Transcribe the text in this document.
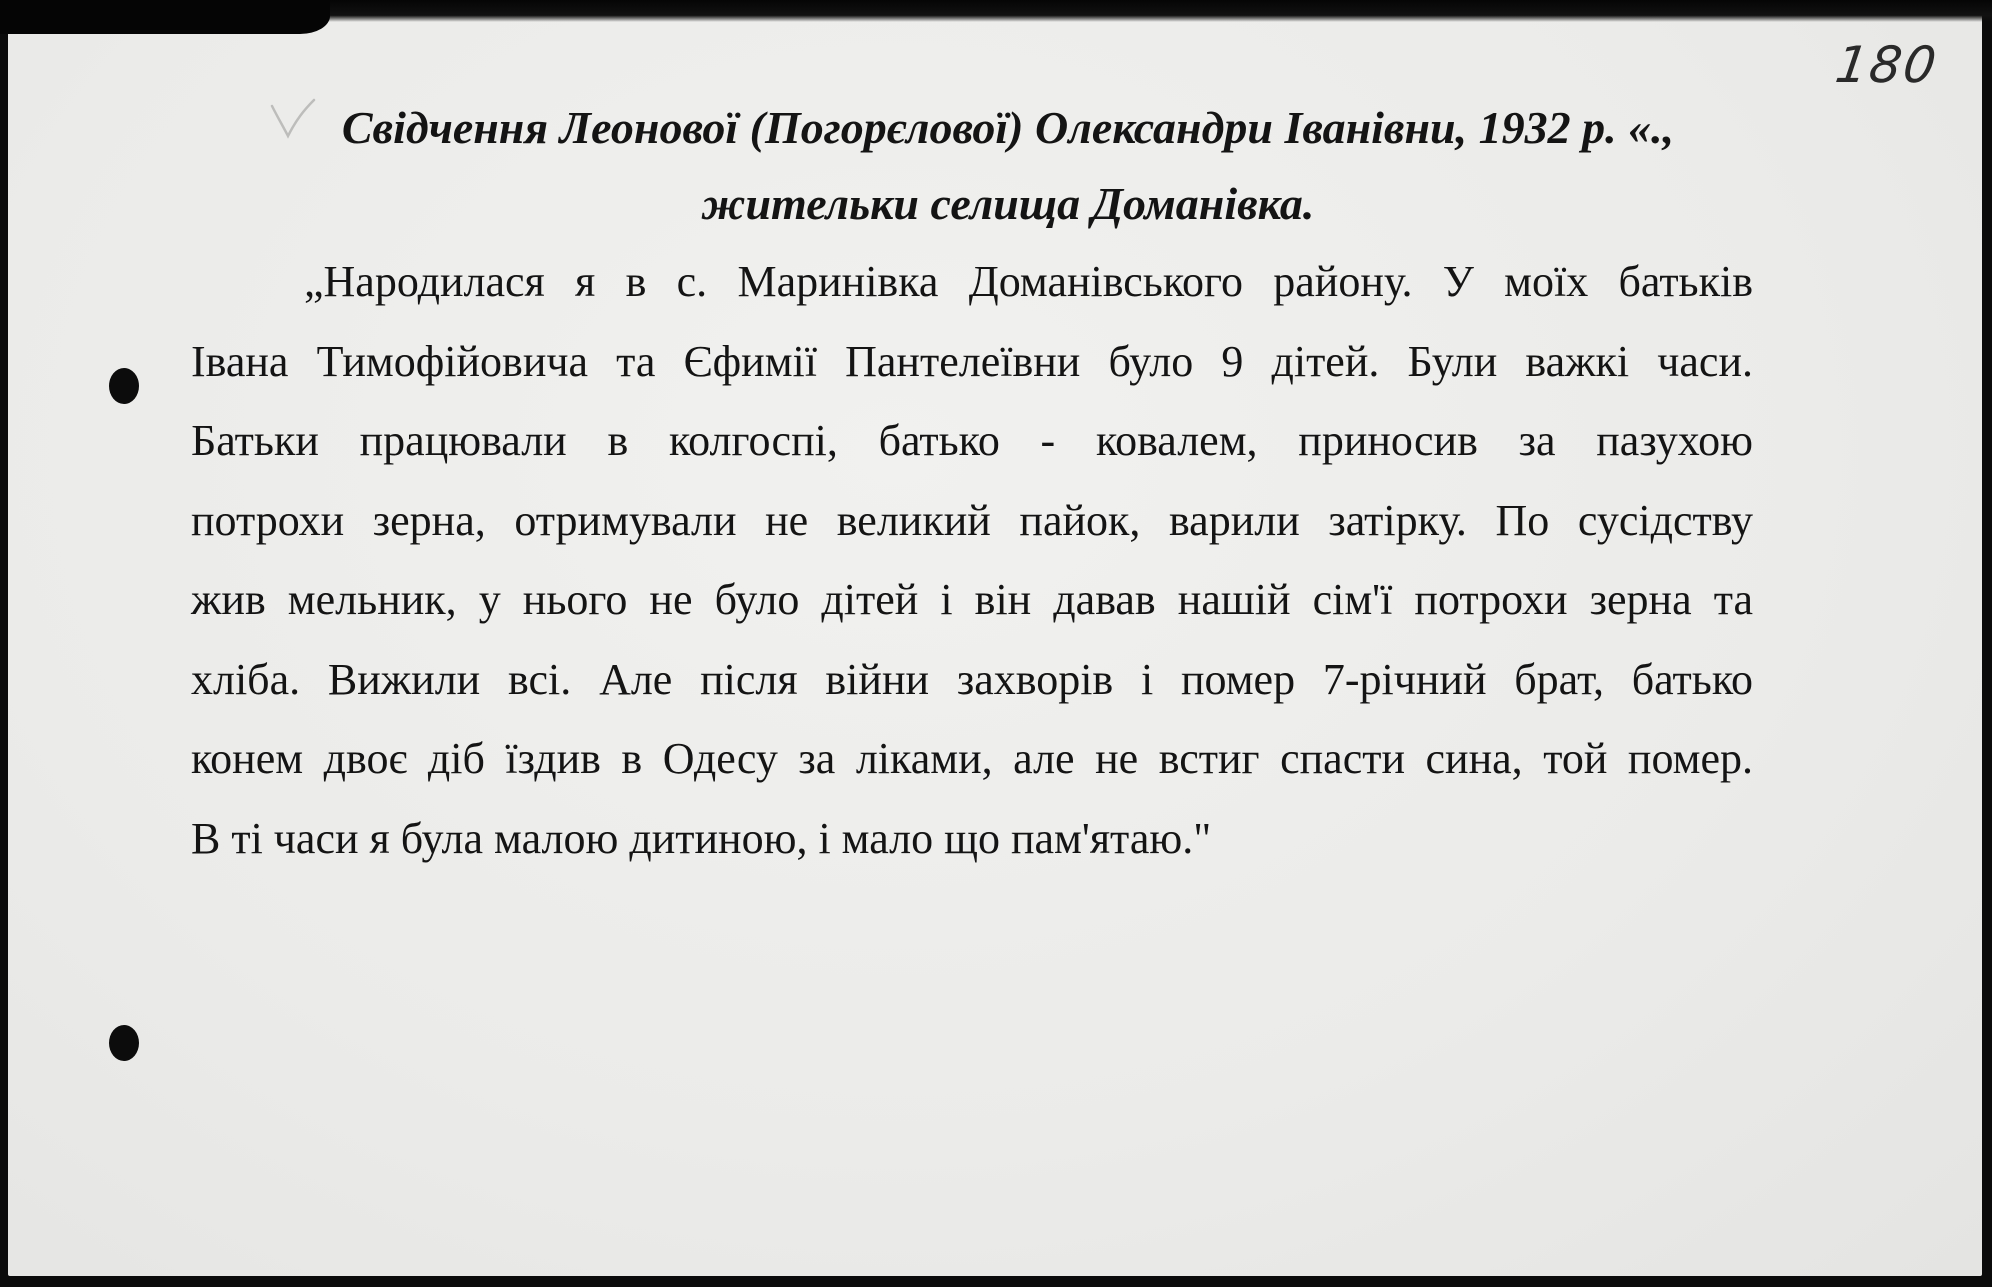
180
Свідчення Леонової (Погорєлової) Олександри Іванівни, 1932 р. «.,
жительки селища Доманівка.
„Народилася я в с. Маринівка Доманівського району. У моїх батьків
Івана Тимофійовича та Єфимії Пантелеївни було 9 дітей. Були важкі часи.
Батьки працювали в колгоспі, батько - ковалем, приносив за пазухою
потрохи зерна, отримували не великий пайок, варили затірку. По сусідству
жив мельник, у нього не було дітей і він давав нашій сім'ї потрохи зерна та
хліба. Вижили всі. Але після війни захворів і помер 7-річний брат, батько
конем двоє діб їздив в Одесу за ліками, але не встиг спасти сина, той помер.
В ті часи я була малою дитиною, і мало що пам'ятаю."
